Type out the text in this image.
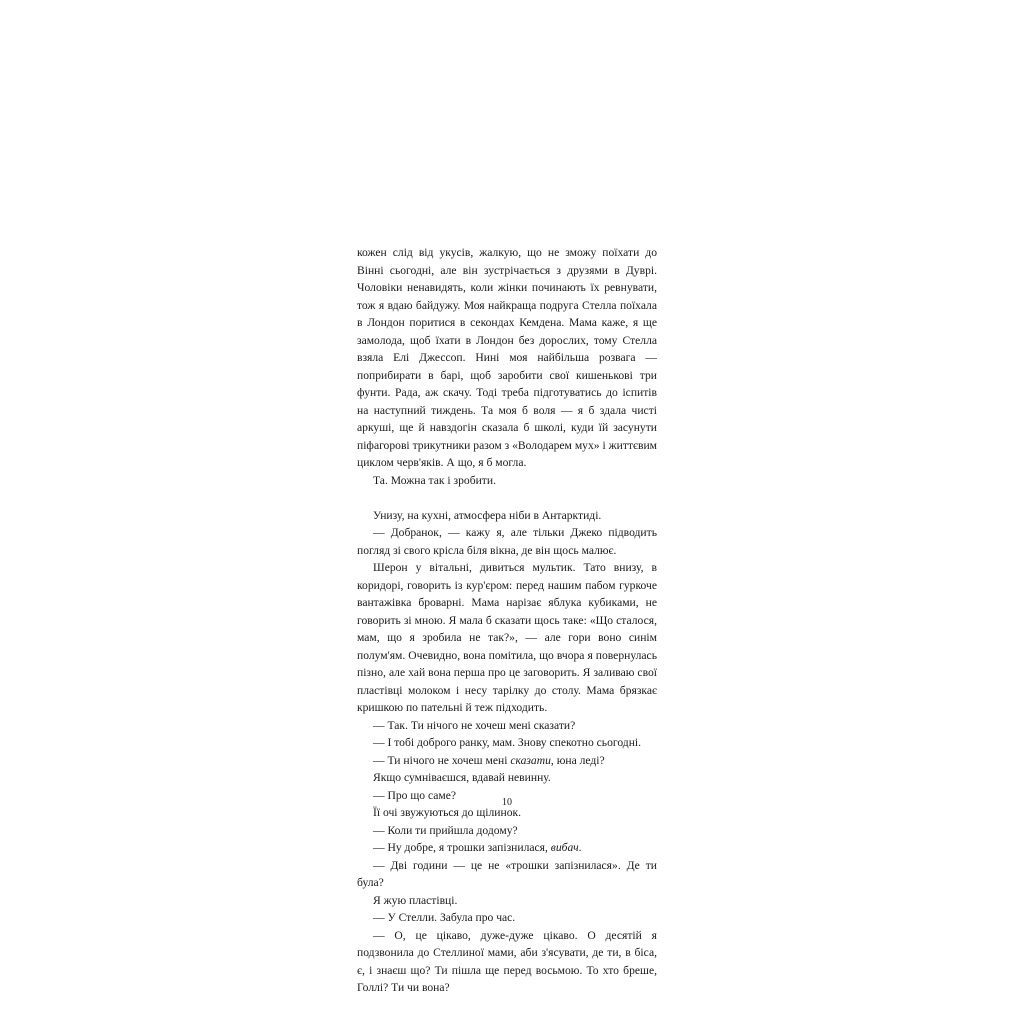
кожен слід від укусів, жалкую, що не зможу поїхати до Вінні сьогодні, але він зустрічається з друзями в Дуврі. Чоловіки ненавидять, коли жінки починають їх ревнувати, тож я вдаю байдужу. Моя найкраща подруга Стелла поїхала в Лондон поритися в секондах Кемдена. Мама каже, я ще замолода, щоб їхати в Лондон без дорослих, тому Стелла взяла Елі Джессоп. Нині моя найбільша розвага — поприбирати в барі, щоб заробити свої кишенькові три фунти. Рада, аж скачу. Тоді треба підготуватись до іспитів на наступний тиждень. Та моя б воля — я б здала чисті аркуші, ще й навздогін сказала б школі, куди їй засунути піфагорові трикутники разом з «Володарем мух» і життєвим циклом черв'яків. А що, я б могла.

Та. Можна так і зробити.

Унизу, на кухні, атмосфера ніби в Антарктиді.

— Добранок, — кажу я, але тільки Джеко підводить погляд зі свого крісла біля вікна, де він щось малює.

Шерон у вітальні, дивиться мультик. Тато внизу, в коридорі, говорить із кур'єром: перед нашим пабом гуркоче вантажівка броварні. Мама нарізає яблука кубиками, не говорить зі мною. Я мала б сказати щось таке: «Що сталося, мам, що я зробила не так?», — але гори воно синім полум'ям. Очевидно, вона помітила, що вчора я повернулась пізно, але хай вона перша про це заговорить. Я заливаю свої пластівці молоком і несу тарілку до столу. Мама брязкає кришкою по пательні й теж підходить.

— Так. Ти нічого не хочеш мені сказати?

— І тобі доброго ранку, мам. Знову спекотно сьогодні.

— Ти нічого не хочеш мені сказати, юна леді?

Якщо сумніваєшся, вдавай невинну.

— Про що саме?

Її очі звужуються до щілинок.

— Коли ти прийшла додому?

— Ну добре, я трошки запізнилася, вибач.

— Дві години — це не «трошки запізнилася». Де ти була?

Я жую пластівці.

— У Стелли. Забула про час.

— О, це цікаво, дуже-дуже цікаво. О десятій я подзвонила до Стеллиної мами, аби з'ясувати, де ти, в біса, є, і знаєш що? Ти пішла ще перед восьмою. То хто бреше, Голлі? Ти чи вона?

10
